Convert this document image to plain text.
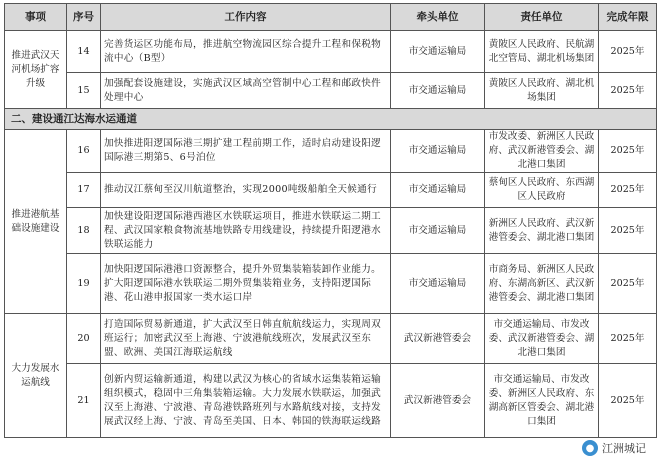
事项	序号	工作内容	牵头单位	责任单位	完成年限
推进武汉天河机场扩容升级	14	完善货运区功能布局，推进航空物流园区综合提升工程和保税物流中心（B型）	市交通运输局	黄陂区人民政府、民航湖北空管局、湖北机场集团	2025年
	15	加强配套设施建设，实施武汉区域高空管制中心工程和邮政快件处理中心	市交通运输局	黄陂区人民政府、湖北机场集团	2025年
二、建设通江达海水运通道					
推进港航基础设施建设	16	加快推进阳逻国际港三期扩建工程前期工作，适时启动建设阳逻国际港三期第5、6号泊位	市交通运输局	市发改委、新洲区人民政府、武汉新港管委会、湖北港口集团	2025年
	17	推动汉江蔡甸至汉川航道整治，实现2000吨级船舶全天候通行	市交通运输局	蔡甸区人民政府、东西湖区人民政府	2025年
	18	加快建设阳逻国际港西港区水铁联运项目，推进水铁联运二期工程、武汉国家粮食物流基地铁路专用线建设，持续提升阳逻港水铁联运能力	市交通运输局	新洲区人民政府、武汉新港管委会、湖北港口集团	2025年
	19	加快阳逻国际港港口资源整合，提升外贸集装箱装卸作业能力。扩大阳逻国际港水铁联运二期外贸集装箱业务，支持阳逻国际港、花山港申报国家一类水运口岸	市交通运输局	市商务局、新洲区人民政府、东湖高新区、武汉新港管委会、湖北港口集团	2025年
大力发展水运航线	20	打造国际贸易新通道，扩大武汉至日韩直航航线运力，实现周双班运行；加密武汉至上海港、宁波港航线班次，发展武汉至东盟、欧洲、美国江海联运航线	武汉新港管委会	市交通运输局、市发改委、武汉新港管委会、湖北港口集团	2025年
	21	创新内贸运输新通道，构建以武汉为核心的省域水运集装箱运输组织模式，稳固中三角集装箱运输。大力发展水铁联运，加强武汉至上海港、宁波港、青岛港铁路班列与水路航线对接，支持发展武汉经上海、宁波、青岛至美国、日本、韩国的铁海联运线路	武汉新港管委会	市交通运输局、市发改委、新洲区人民政府、东湖高新区管委会、湖北港口集团	2025年
● 江洲城记
